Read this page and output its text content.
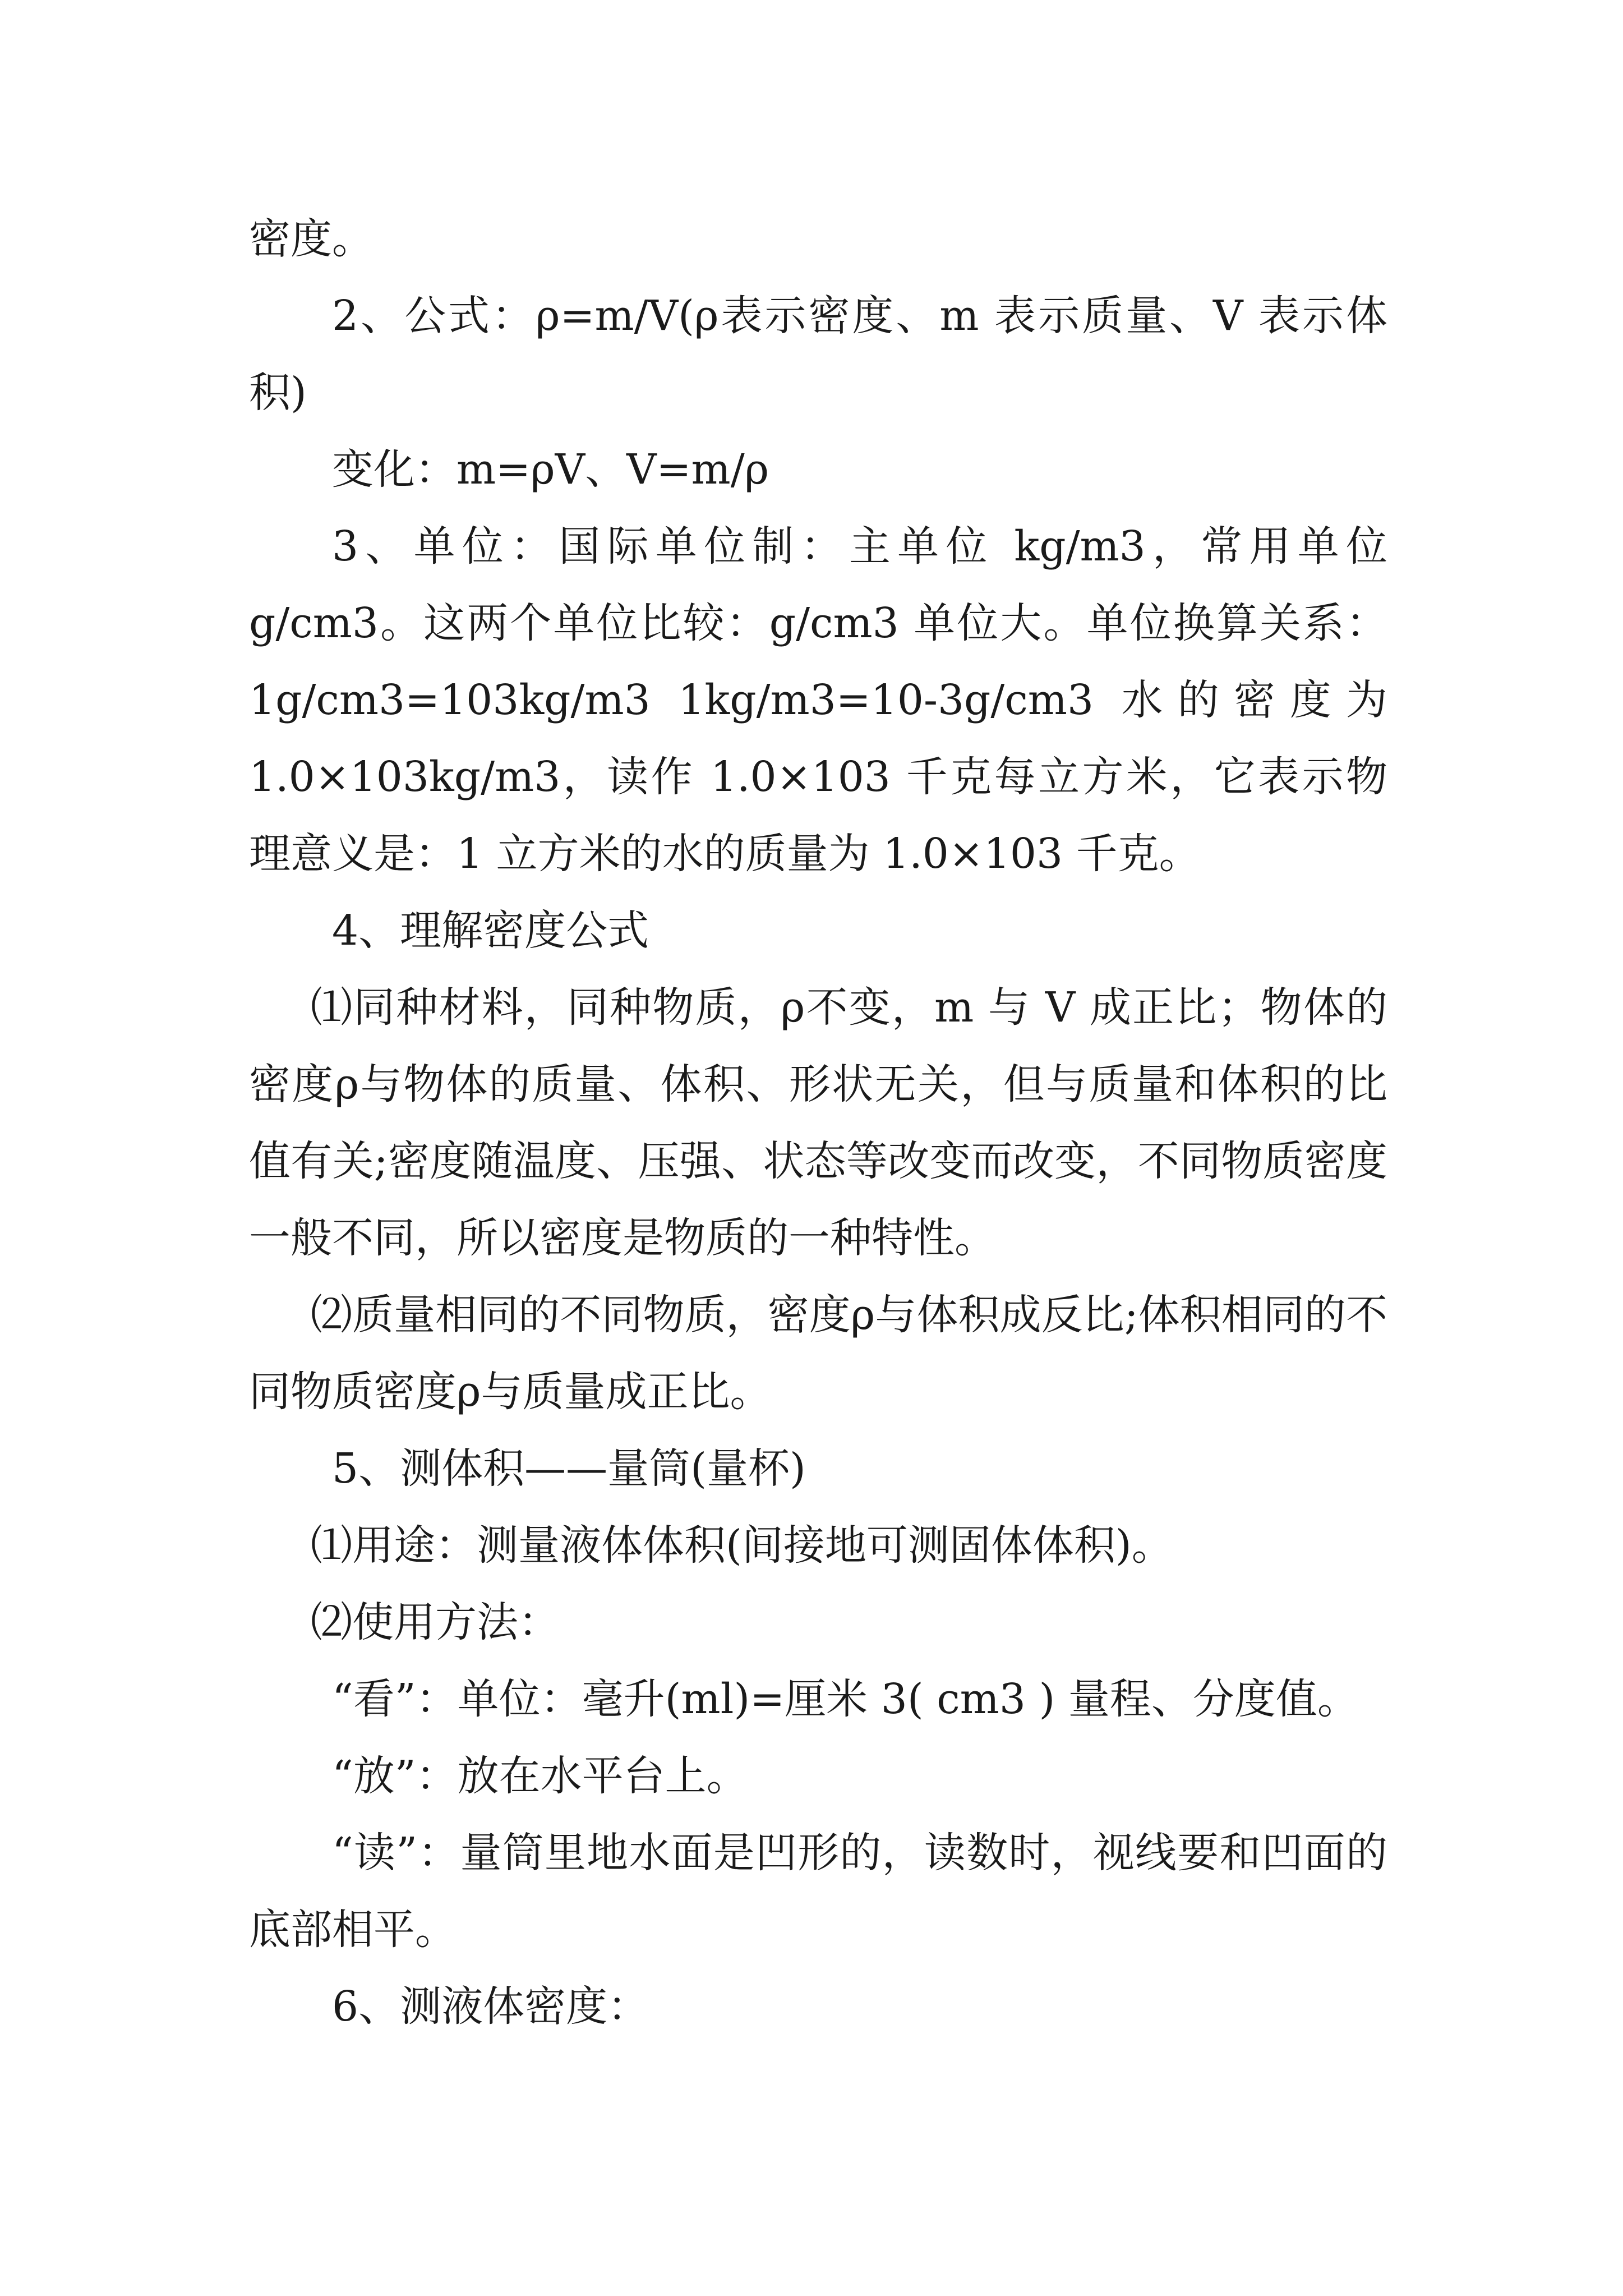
密度。

2、公式：ρ=m/V(ρ表示密度、m 表示质量、V 表示体积)

变化：m=ρV、V=m/ρ

3、单位：国际单位制：主单位 kg/m3，常用单位 g/cm3。这两个单位比较：g/cm3 单位大。单位换算关系：1g/cm3=103kg/m3 1kg/m3=10-3g/cm3 水的密度为 1.0×103kg/m3，读作 1.0×103 千克每立方米，它表示物理意义是：1 立方米的水的质量为 1.0×103 千克。

4、理解密度公式

⑴同种材料，同种物质，ρ不变，m 与 V 成正比；物体的密度ρ与物体的质量、体积、形状无关，但与质量和体积的比值有关;密度随温度、压强、状态等改变而改变，不同物质密度一般不同，所以密度是物质的一种特性。

⑵质量相同的不同物质，密度ρ与体积成反比;体积相同的不同物质密度ρ与质量成正比。

5、测体积——量筒(量杯)

⑴用途：测量液体体积(间接地可测固体体积)。

⑵使用方法：

“看”：单位：毫升(ml)=厘米 3( cm3 ) 量程、分度值。

“放”：放在水平台上。

“读”：量筒里地水面是凹形的，读数时，视线要和凹面的底部相平。

6、测液体密度：
